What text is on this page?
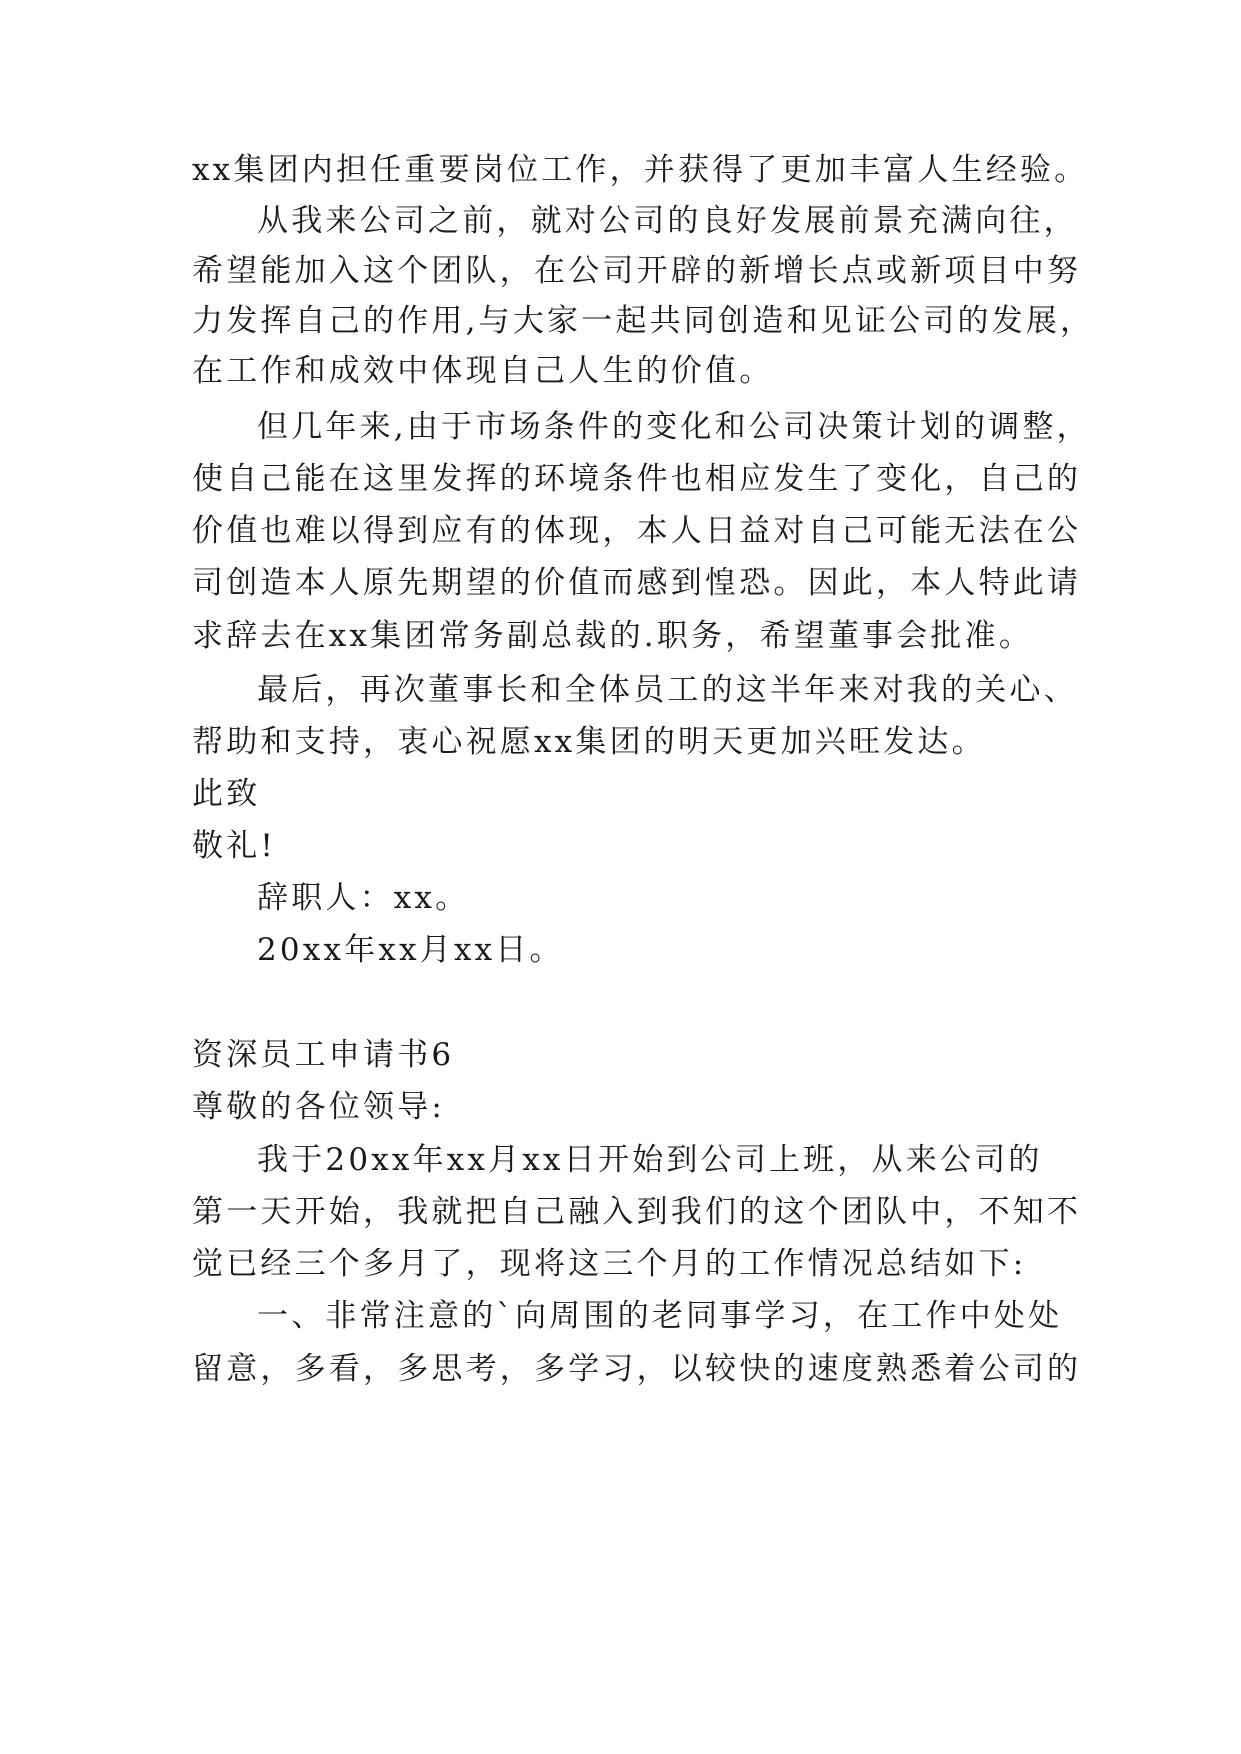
xx集团内担任重要岗位工作，并获得了更加丰富人生经验。
从我来公司之前，就对公司的良好发展前景充满向往，
希望能加入这个团队，在公司开辟的新增长点或新项目中努
力发挥自己的作用,与大家一起共同创造和见证公司的发展，
在工作和成效中体现自己人生的价值。
但几年来,由于市场条件的变化和公司决策计划的调整，
使自己能在这里发挥的环境条件也相应发生了变化，自己的
价值也难以得到应有的体现，本人日益对自己可能无法在公
司创造本人原先期望的价值而感到惶恐。因此，本人特此请
求辞去在xx集团常务副总裁的.职务，希望董事会批准。
最后，再次董事长和全体员工的这半年来对我的关心、
帮助和支持，衷心祝愿xx集团的明天更加兴旺发达。
此致
敬礼!
辞职人：xx。
20xx年xx月xx日。
资深员工申请书6
尊敬的各位领导:
我于20xx年xx月xx日开始到公司上班，从来公司的
第一天开始，我就把自己融入到我们的这个团队中，不知不
觉已经三个多月了，现将这三个月的工作情况总结如下:
一、非常注意的`向周围的老同事学习，在工作中处处
留意，多看，多思考，多学习，以较快的速度熟悉着公司的
